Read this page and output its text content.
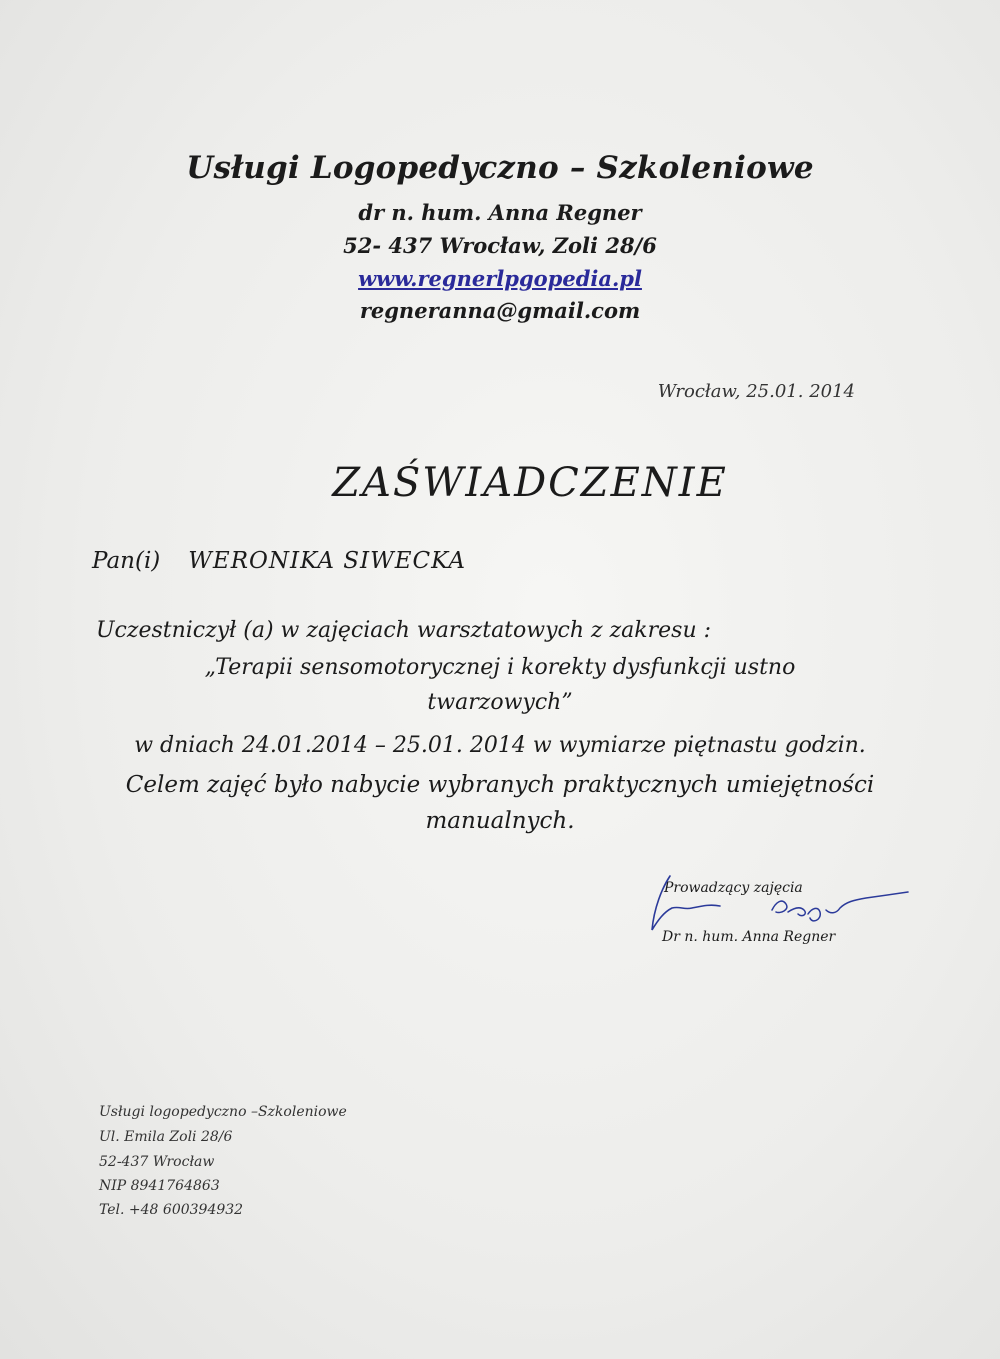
Usługi Logopedyczno – Szkoleniowe
dr n. hum. Anna Regner
52- 437 Wrocław, Zoli 28/6
www.regnerlpgopedia.pl
regneranna@gmail.com
Wrocław, 25.01. 2014
ZAŚWIADCZENIE
Pan(i) WERONIKA SIWECKA
Uczestniczył (a) w zajęciach warsztatowych z zakresu :
„Terapii sensomotorycznej i korekty dysfunkcji ustno
twarzowych”
w dniach 24.01.2014 – 25.01. 2014 w wymiarze piętnastu godzin.
Celem zajęć było nabycie wybranych praktycznych umiejętności
manualnych.
Prowadzący zajęcia
Dr n. hum. Anna Regner
Usługi logopedyczno –Szkoleniowe
Ul. Emila Zoli 28/6
52-437 Wrocław
NIP 8941764863
Tel. +48 600394932
